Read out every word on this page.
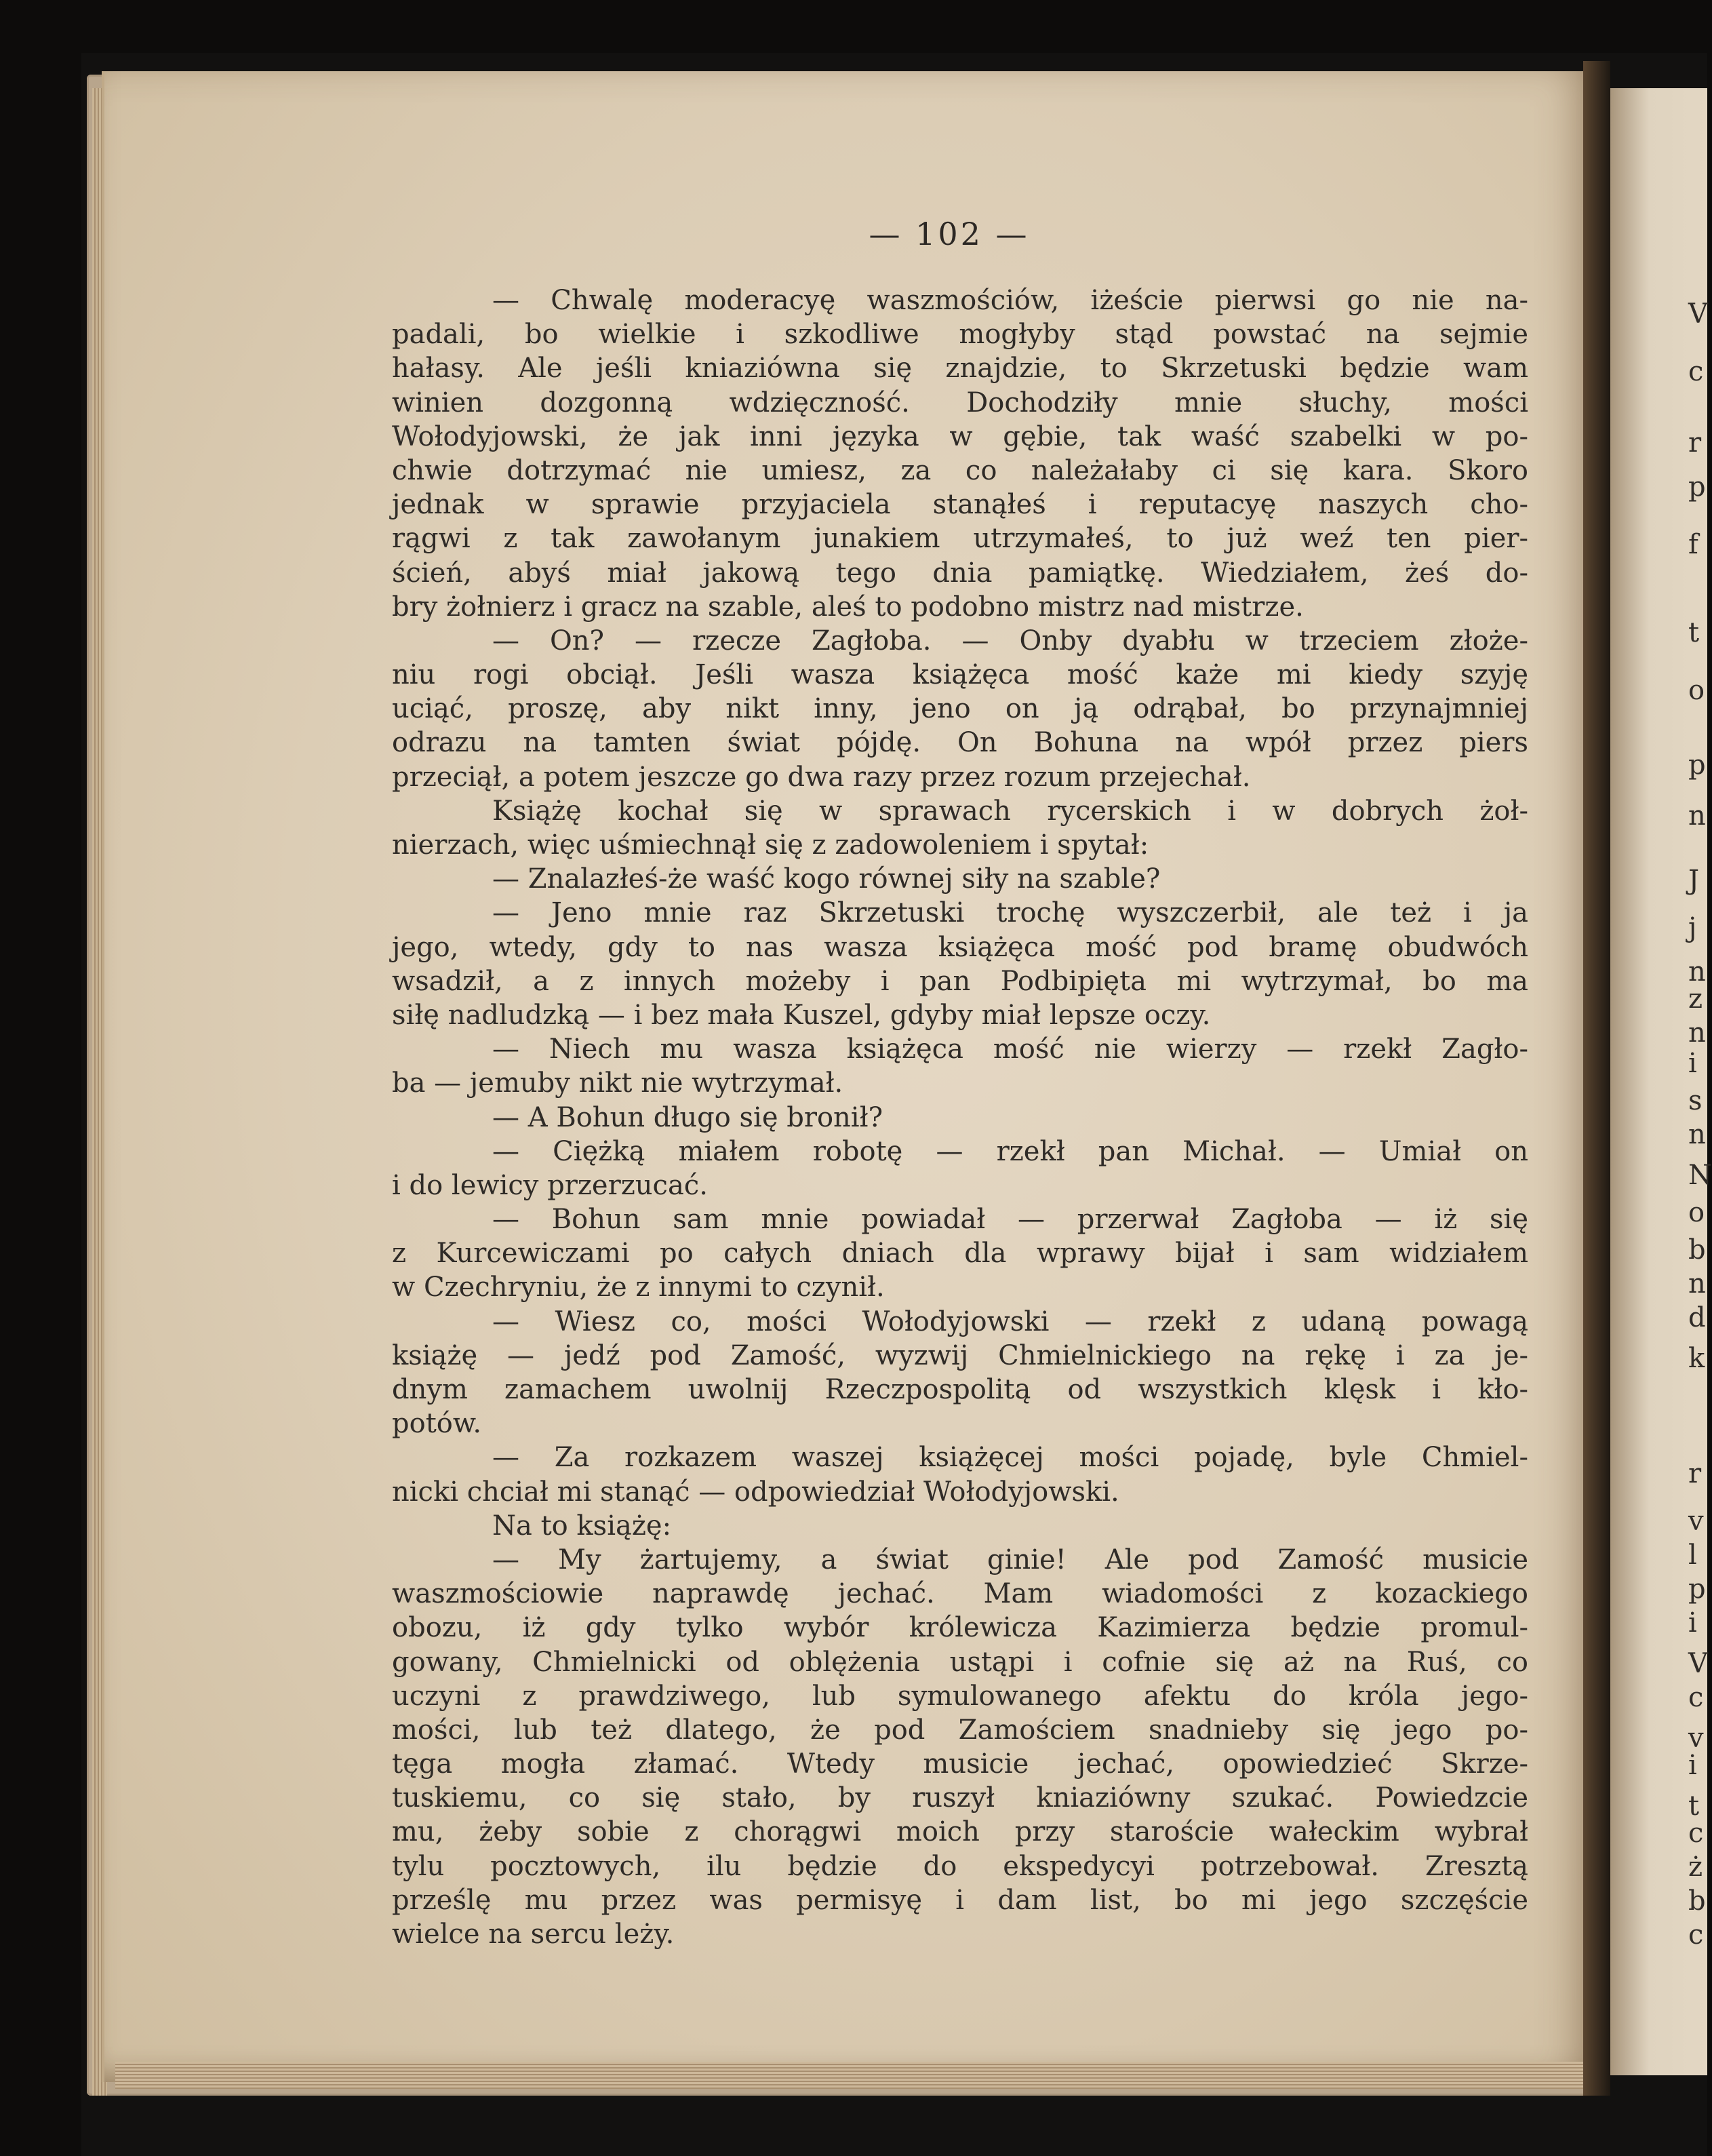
— 102 —
— Chwalę moderacyę waszmościów, iżeście pierwsi go nie na-
padali, bo wielkie i szkodliwe mogłyby stąd powstać na sejmie
hałasy. Ale jeśli kniaziówna się znajdzie, to Skrzetuski będzie wam
winien dozgonną wdzięczność. Dochodziły mnie słuchy, mości
Wołodyjowski, że jak inni języka w gębie, tak waść szabelki w po-
chwie dotrzymać nie umiesz, za co należałaby ci się kara. Skoro
jednak w sprawie przyjaciela stanąłeś i reputacyę naszych cho-
rągwi z tak zawołanym junakiem utrzymałeś, to już weź ten pier-
ścień, abyś miał jakową tego dnia pamiątkę. Wiedziałem, żeś do-
bry żołnierz i gracz na szable, aleś to podobno mistrz nad mistrze.
— On? — rzecze Zagłoba. — Onby dyabłu w trzeciem złoże-
niu rogi obciął. Jeśli wasza książęca mość każe mi kiedy szyję
uciąć, proszę, aby nikt inny, jeno on ją odrąbał, bo przynajmniej
odrazu na tamten świat pójdę. On Bohuna na wpół przez piers
przeciął, a potem jeszcze go dwa razy przez rozum przejechał.
Książę kochał się w sprawach rycerskich i w dobrych żoł-
nierzach, więc uśmiechnął się z zadowoleniem i spytał:
— Znalazłeś-że waść kogo równej siły na szable?
— Jeno mnie raz Skrzetuski trochę wyszczerbił, ale też i ja
jego, wtedy, gdy to nas wasza książęca mość pod bramę obudwóch
wsadził, a z innych możeby i pan Podbipięta mi wytrzymał, bo ma
siłę nadludzką — i bez mała Kuszel, gdyby miał lepsze oczy.
— Niech mu wasza książęca mość nie wierzy — rzekł Zagło-
ba — jemuby nikt nie wytrzymał.
— A Bohun długo się bronił?
— Ciężką miałem robotę — rzekł pan Michał. — Umiał on
i do lewicy przerzucać.
— Bohun sam mnie powiadał — przerwał Zagłoba — iż się
z Kurcewiczami po całych dniach dla wprawy bijał i sam widziałem
w Czechryniu, że z innymi to czynił.
— Wiesz co, mości Wołodyjowski — rzekł z udaną powagą
książę — jedź pod Zamość, wyzwij Chmielnickiego na rękę i za je-
dnym zamachem uwolnij Rzeczpospolitą od wszystkich klęsk i kło-
potów.
— Za rozkazem waszej książęcej mości pojadę, byle Chmiel-
nicki chciał mi stanąć — odpowiedział Wołodyjowski.
Na to książę:
— My żartujemy, a świat ginie! Ale pod Zamość musicie
waszmościowie naprawdę jechać. Mam wiadomości z kozackiego
obozu, iż gdy tylko wybór królewicza Kazimierza będzie promul-
gowany, Chmielnicki od oblężenia ustąpi i cofnie się aż na Ruś, co
uczyni z prawdziwego, lub symulowanego afektu do króla jego-
mości, lub też dlatego, że pod Zamościem snadnieby się jego po-
tęga mogła złamać. Wtedy musicie jechać, opowiedzieć Skrze-
tuskiemu, co się stało, by ruszył kniaziówny szukać. Powiedzcie
mu, żeby sobie z chorągwi moich przy staroście wałeckim wybrał
tylu pocztowych, ilu będzie do ekspedycyi potrzebował. Zresztą
prześlę mu przez was permisyę i dam list, bo mi jego szczęście
wielce na sercu leży.
V
c
r
p
f
t
o
p
n
J
j
n
z
n
i
s
n
N
o
b
n
d
k
r
v
l
p
i
V
c
v
i
t
c
ż
b
c
